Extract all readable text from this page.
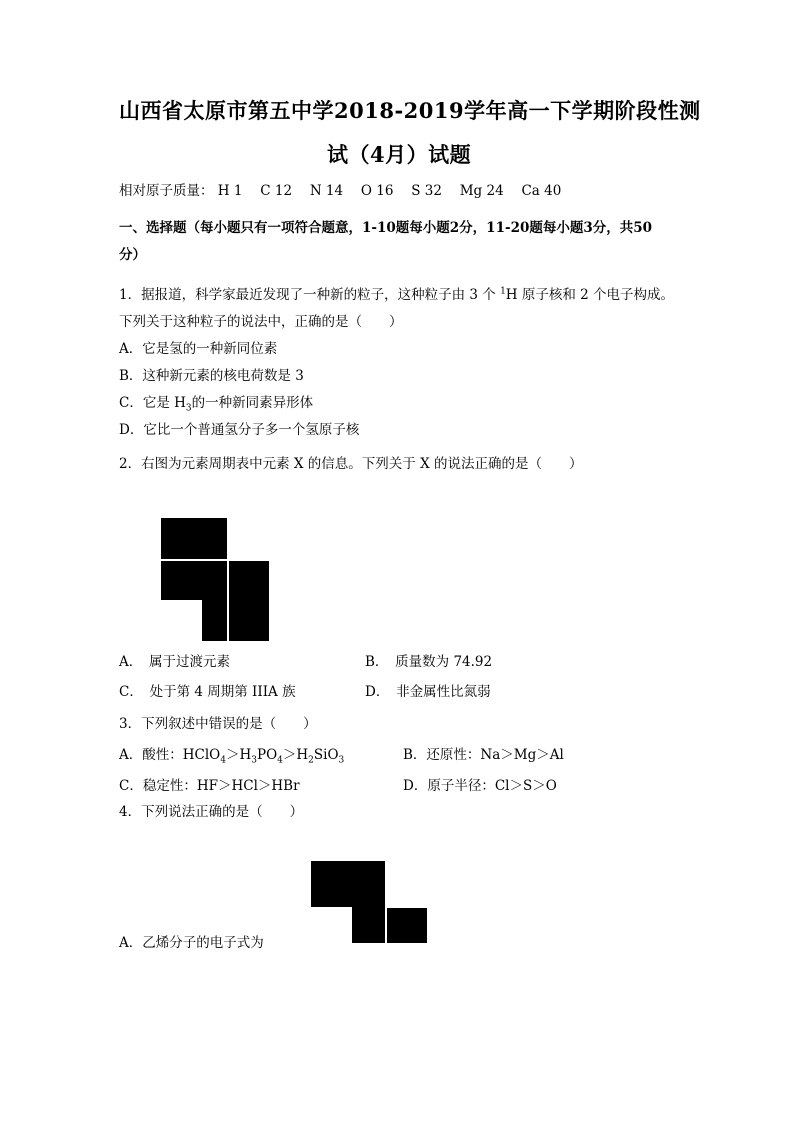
山西省太原市第五中学2018-2019学年高一下学期阶段性测
试（4月）试题
相对原子质量： H 1　 C 12　 N 14　 O 16　 S 32　 Mg 24　 Ca 40
一、选择题（每小题只有一项符合题意，1-10题每小题2分，11-20题每小题3分，共50
分）
1．据报道，科学家最近发现了一种新的粒子，这种粒子由 3 个 $^1$H 原子核和 2 个电子构成。
下列关于这种粒子的说法中，正确的是（　　）
A．它是氢的一种新同位素
B．这种新元素的核电荷数是 3
C．它是 $H_3$的一种新同素异形体
D．它比一个普通氢分子多一个氢原子核
2．右图为元素周期表中元素 X 的信息。下列关于 X 的说法正确的是（　　）
A．　属于过渡元素	B．　质量数为 74.92
C．　处于第 4 周期第 IIIA 族	D．　非金属性比氮弱
3．下列叙述中错误的是（　　）
A．酸性：$HClO_4>H_3PO_4>H_2SiO_3$	B．还原性：Na＞Mg＞Al
C．稳定性：HF＞HCl＞HBr	D．原子半径：Cl＞S＞O
4．下列说法正确的是（　　）
A．乙烯分子的电子式为
